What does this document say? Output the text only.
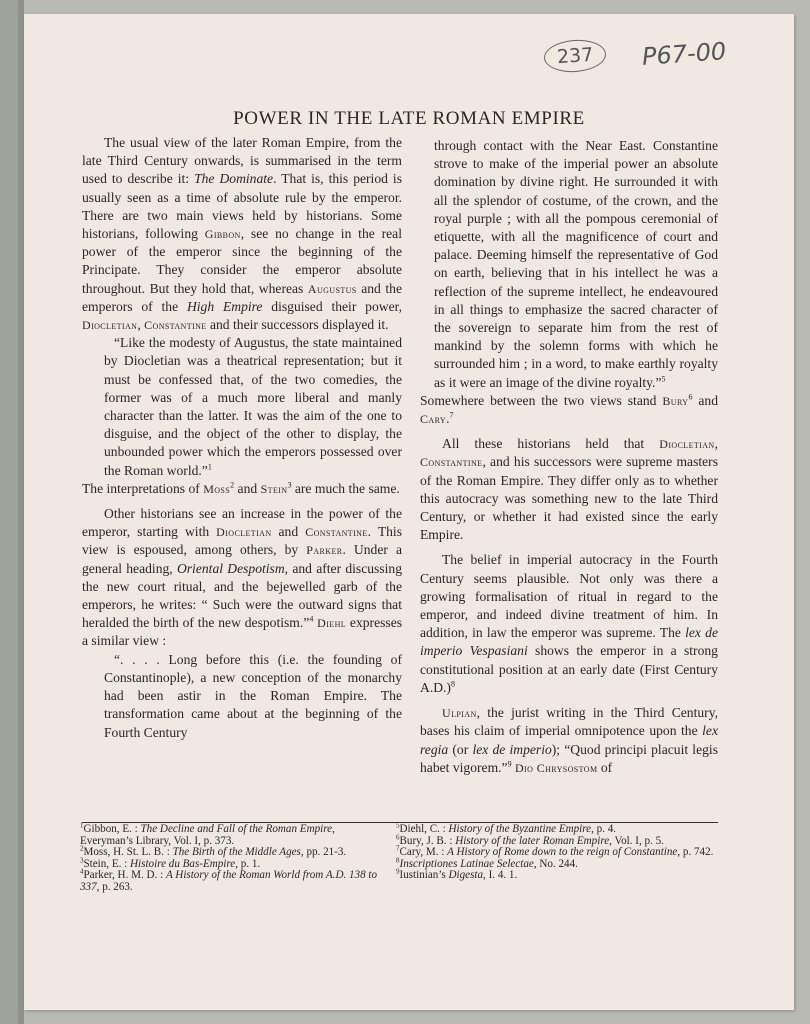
237	P67-00
POWER IN THE LATE ROMAN EMPIRE

The usual view of the later Roman Empire, from the late Third Century onwards, is summarised in the term used to describe it: The Dominate. That is, this period is usually seen as a time of absolute rule by the emperor. There are two main views held by historians. Some historians, following Gibbon, see no change in the real power of the emperor since the beginning of the Principate. They consider the emperor absolute throughout. But they hold that, whereas Augustus and the emperors of the High Empire disguised their power, Diocletian, Constantine and their successors displayed it.

“Like the modesty of Augustus, the state maintained by Diocletian was a theatrical representation; but it must be confessed that, of the two comedies, the former was of a much more liberal and manly character than the latter. It was the aim of the one to disguise, and the object of the other to display, the unbounded power which the emperors possessed over the Roman world.”$^1$

The interpretations of Moss$^2$ and Stein$^3$ are much the same.

Other historians see an increase in the power of the emperor, starting with Diocletian and Constantine. This view is espoused, among others, by Parker. Under a general heading, Oriental Despotism, and after discussing the new court ritual, and the bejewelled garb of the emperors, he writes: “ Such were the outward signs that heralded the birth of the new despotism.”$^4$ Diehl expresses a similar view :

“. . . . Long before this (i.e. the founding of Constantinople), a new conception of the monarchy had been astir in the Roman Empire. The transformation came about at the beginning of the Fourth Century

through contact with the Near East. Constantine strove to make of the imperial power an absolute domination by divine right. He surrounded it with all the splendor of costume, of the crown, and the royal purple ; with all the pompous ceremonial of etiquette, with all the magnificence of court and palace. Deeming himself the representative of God on earth, believing that in his intellect he was a reflection of the supreme intellect, he endeavoured in all things to emphasize the sacred character of the sovereign to separate him from the rest of mankind by the solemn forms with which he surrounded him ; in a word, to make earthly royalty as it were an image of the divine royalty.”$^5$

Somewhere between the two views stand Bury$^6$ and Cary.$^7$

All these historians held that Diocletian, Constantine, and his successors were supreme masters of the Roman Empire. They differ only as to whether this autocracy was something new to the late Third Century, or whether it had existed since the early Empire.

The belief in imperial autocracy in the Fourth Century seems plausible. Not only was there a growing formalisation of ritual in regard to the emperor, and indeed divine treatment of him. In addition, in law the emperor was supreme. The lex de imperio Vespasiani shows the emperor in a strong constitutional position at an early date (First Century A.D.)$^8$

Ulpian, the jurist writing in the Third Century, bases his claim of imperial omnipotence upon the lex regia (or lex de imperio); “Quod principi placuit legis habet vigorem.”$^9$ Dio Chrysostom of

$^1$Gibbon, E. : The Decline and Fall of the Roman Empire, Everyman’s Library, Vol. I, p. 373.
$^2$Moss, H. St. L. B. : The Birth of the Middle Ages, pp. 21-3.
$^3$Stein, E. : Histoire du Bas-Empire, p. 1.
$^4$Parker, H. M. D. : A History of the Roman World from A.D. 138 to 337, p. 263.
$^5$Diehl, C. : History of the Byzantine Empire, p. 4.
$^6$Bury, J. B. : History of the later Roman Empire, Vol. I, p. 5.
$^7$Cary, M. : A History of Rome down to the reign of Constantine, p. 742.
$^8$Inscriptiones Latinae Selectae, No. 244.
$^9$Iustinian’s Digesta, I. 4. 1.
